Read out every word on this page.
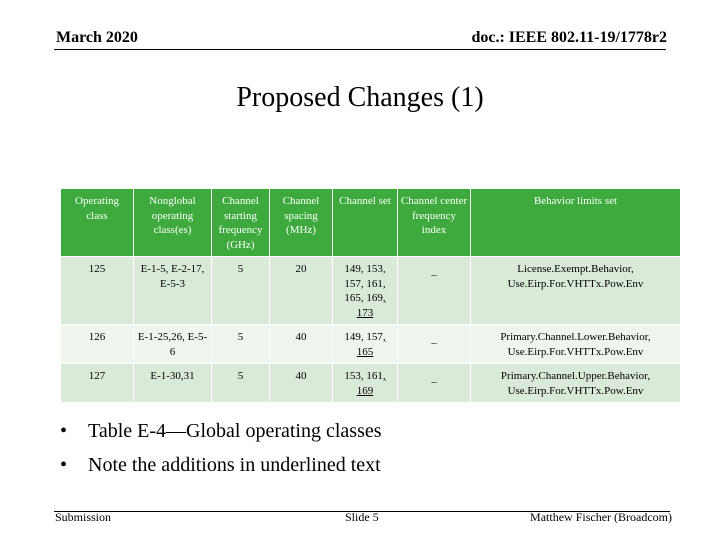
March 2020	doc.: IEEE 802.11-19/1778r2
Proposed Changes (1)
Operating class	Nonglobal operating class(es)	Channel starting frequency (GHz)	Channel spacing (MHz)	Channel set	Channel center frequency index	Behavior limits set
125	E-1-5, E-2-17, E-5-3	5	20	149, 153, 157, 161, 165, 169, 173	–	License.Exempt.Behavior, Use.Eirp.For.VHTTx.Pow.Env
126	E-1-25,26, E-5-6	5	40	149, 157, 165	–	Primary.Channel.Lower.Behavior, Use.Eirp.For.VHTTx.Pow.Env
127	E-1-30,31	5	40	153, 161, 169	–	Primary.Channel.Upper.Behavior, Use.Eirp.For.VHTTx.Pow.Env
• Table E-4—Global operating classes
• Note the additions in underlined text
Submission	Slide 5	Matthew Fischer (Broadcom)
